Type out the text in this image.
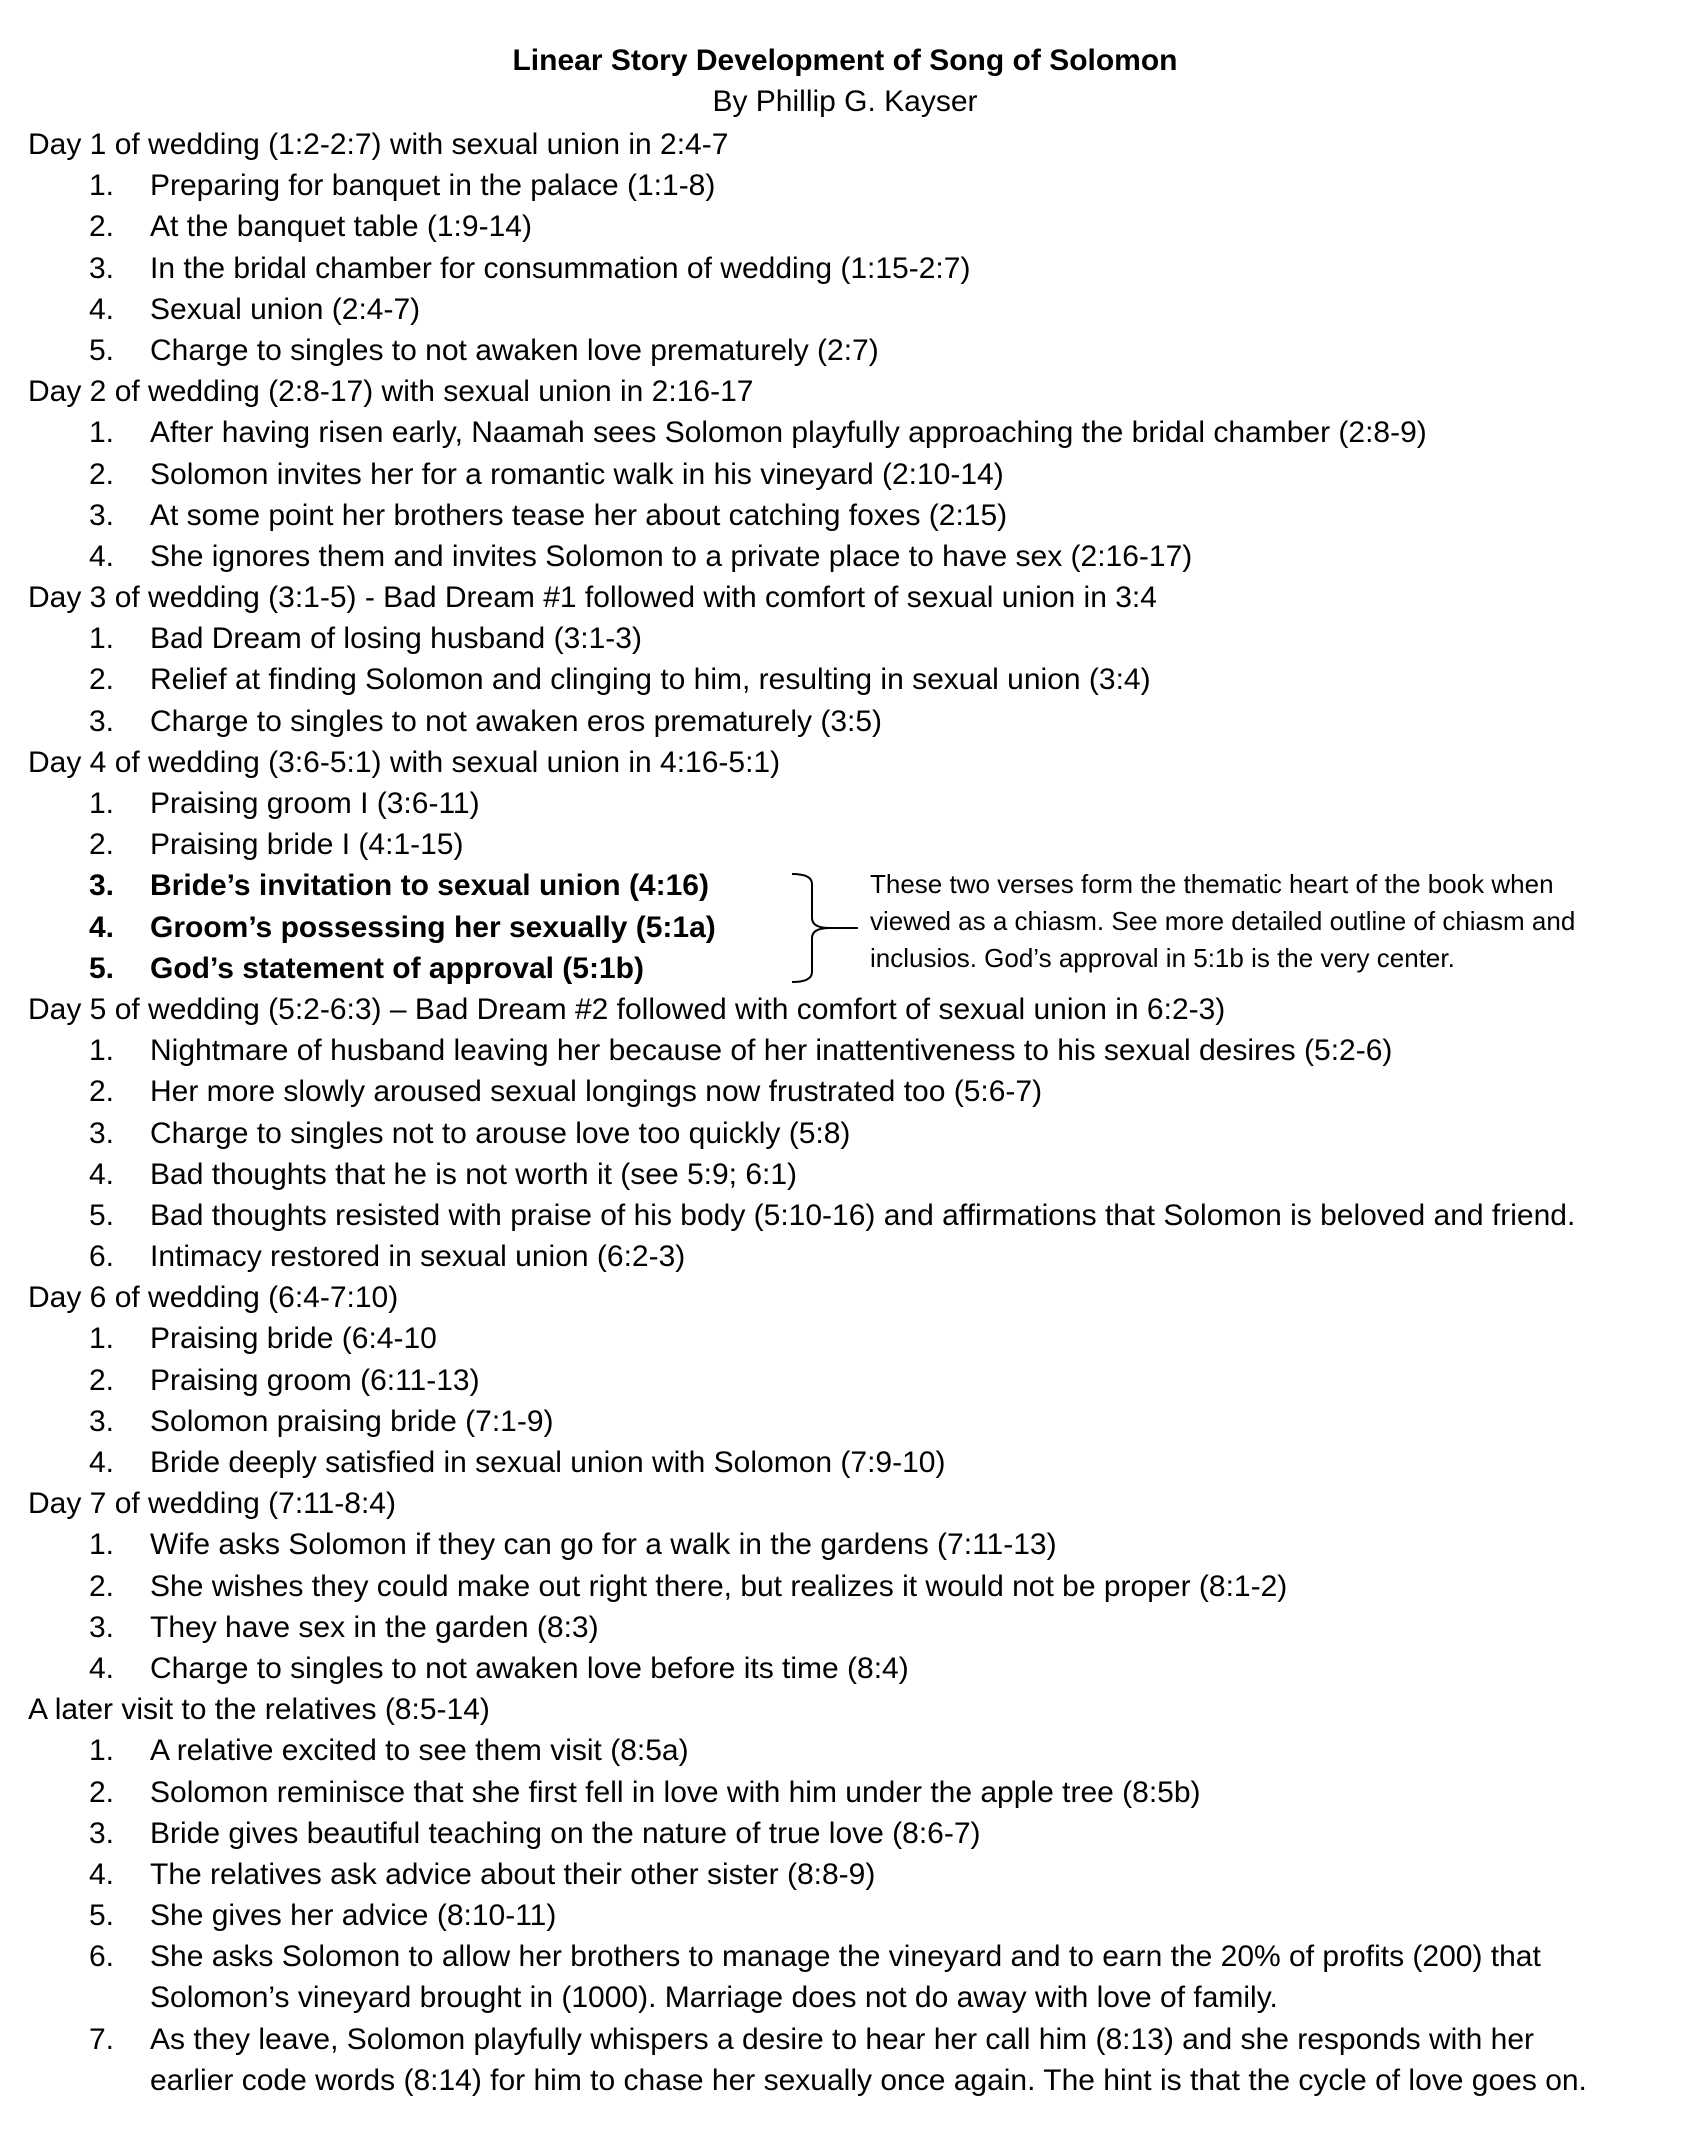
Linear Story Development of Song of Solomon
By Phillip G. Kayser
Day 1 of wedding (1:2-2:7) with sexual union in 2:4-7
1. Preparing for banquet in the palace (1:1-8)
2. At the banquet table (1:9-14)
3. In the bridal chamber for consummation of wedding (1:15-2:7)
4. Sexual union (2:4-7)
5. Charge to singles to not awaken love prematurely (2:7)
Day 2 of wedding (2:8-17) with sexual union in 2:16-17
1. After having risen early, Naamah sees Solomon playfully approaching the bridal chamber (2:8-9)
2. Solomon invites her for a romantic walk in his vineyard (2:10-14)
3. At some point her brothers tease her about catching foxes (2:15)
4. She ignores them and invites Solomon to a private place to have sex (2:16-17)
Day 3 of wedding (3:1-5) - Bad Dream #1 followed with comfort of sexual union in 3:4
1. Bad Dream of losing husband (3:1-3)
2. Relief at finding Solomon and clinging to him, resulting in sexual union (3:4)
3. Charge to singles to not awaken eros prematurely (3:5)
Day 4 of wedding (3:6-5:1) with sexual union in 4:16-5:1)
1. Praising groom I (3:6-11)
2. Praising bride I (4:1-15)
3. Bride’s invitation to sexual union (4:16)
4. Groom’s possessing her sexually (5:1a)
5. God’s statement of approval (5:1b)
Day 5 of wedding (5:2-6:3) – Bad Dream #2 followed with comfort of sexual union in 6:2-3)
1. Nightmare of husband leaving her because of her inattentiveness to his sexual desires (5:2-6)
2. Her more slowly aroused sexual longings now frustrated too (5:6-7)
3. Charge to singles not to arouse love too quickly (5:8)
4. Bad thoughts that he is not worth it (see 5:9; 6:1)
5. Bad thoughts resisted with praise of his body (5:10-16) and affirmations that Solomon is beloved and friend.
6. Intimacy restored in sexual union (6:2-3)
Day 6 of wedding (6:4-7:10)
1. Praising bride (6:4-10
2. Praising groom (6:11-13)
3. Solomon praising bride (7:1-9)
4. Bride deeply satisfied in sexual union with Solomon (7:9-10)
Day 7 of wedding (7:11-8:4)
1. Wife asks Solomon if they can go for a walk in the gardens (7:11-13)
2. She wishes they could make out right there, but realizes it would not be proper (8:1-2)
3. They have sex in the garden (8:3)
4. Charge to singles to not awaken love before its time (8:4)
A later visit to the relatives (8:5-14)
1. A relative excited to see them visit (8:5a)
2. Solomon reminisce that she first fell in love with him under the apple tree (8:5b)
3. Bride gives beautiful teaching on the nature of true love (8:6-7)
4. The relatives ask advice about their other sister (8:8-9)
5. She gives her advice (8:10-11)
6. She asks Solomon to allow her brothers to manage the vineyard and to earn the 20% of profits (200) that
Solomon’s vineyard brought in (1000). Marriage does not do away with love of family.
7. As they leave, Solomon playfully whispers a desire to hear her call him (8:13) and she responds with her
earlier code words (8:14) for him to chase her sexually once again. The hint is that the cycle of love goes on.
These two verses form the thematic heart of the book when
viewed as a chiasm. See more detailed outline of chiasm and
inclusios. God’s approval in 5:1b is the very center.
